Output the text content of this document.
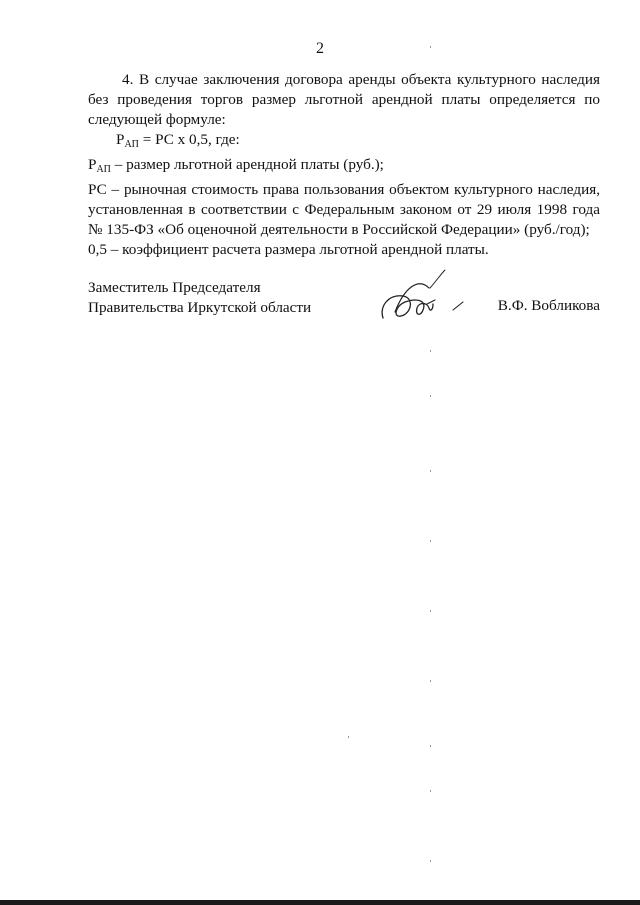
2

4. В случае заключения договора аренды объекта культурного наследия без проведения торгов размер льготной арендной платы определяется по следующей формуле:

$Р_{АП}$ = РС х 0,5, где:

$Р_{АП}$ – размер льготной арендной платы (руб.);

РС – рыночная стоимость права пользования объектом культурного наследия, установленная в соответствии с Федеральным законом от 29 июля 1998 года № 135-ФЗ «Об оценочной деятельности в Российской Федерации» (руб./год);

0,5 – коэффициент расчета размера льготной арендной платы.

Заместитель Председателя

Правительства Иркутской области	В.Ф. Вобликова
